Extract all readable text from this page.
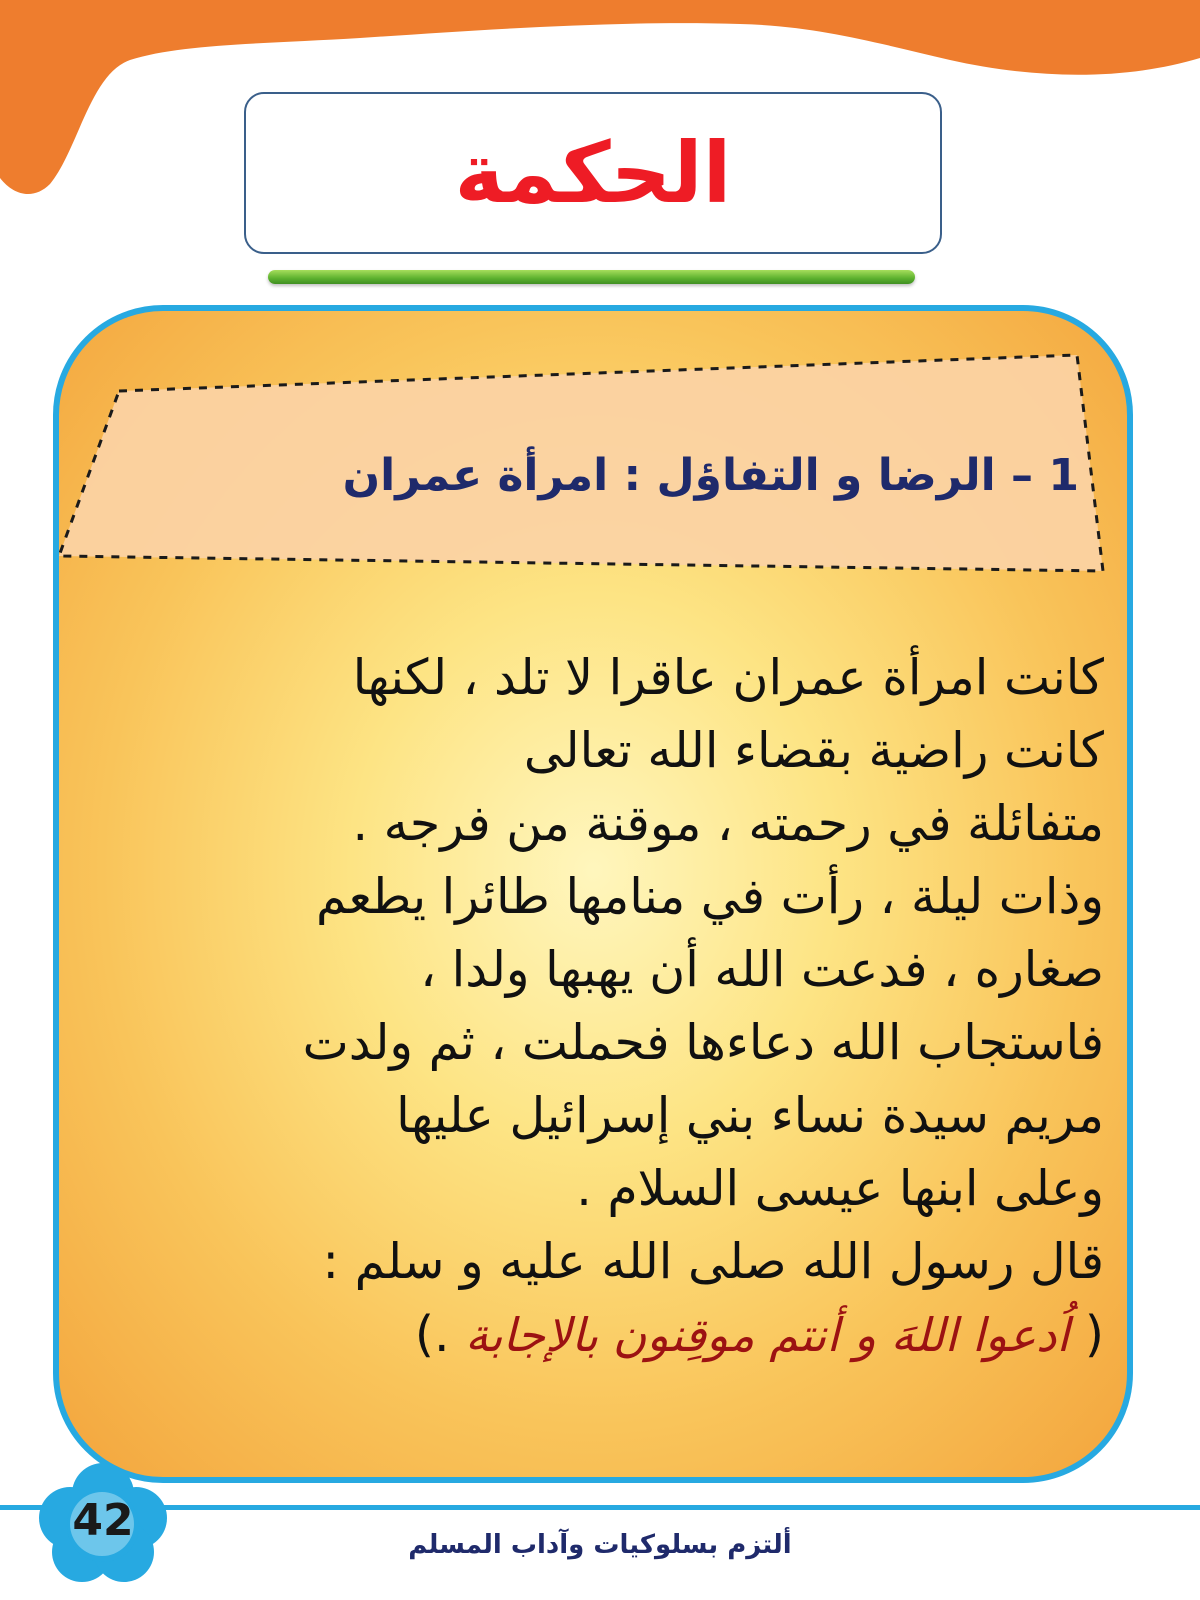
الحكمة
1 – الرضا و التفاؤل : امرأة عمران
كانت امرأة عمران عاقرا لا تلد ، لكنها
كانت راضية بقضاء الله تعالى
متفائلة في رحمته ، موقنة من فرجه .
وذات ليلة ، رأت في منامها طائرا يطعم
صغاره ، فدعت الله أن يهبها ولدا ،
فاستجاب الله دعاءها فحملت ، ثم ولدت
مريم سيدة نساء بني إسرائيل عليها
وعلى ابنها عيسى السلام .
قال رسول الله صلى الله عليه و سلم :
( اُدعوا اللهَ و أنتم موقِنون بالإجابة .)
42	ألتزم بسلوكيات وآداب المسلم
